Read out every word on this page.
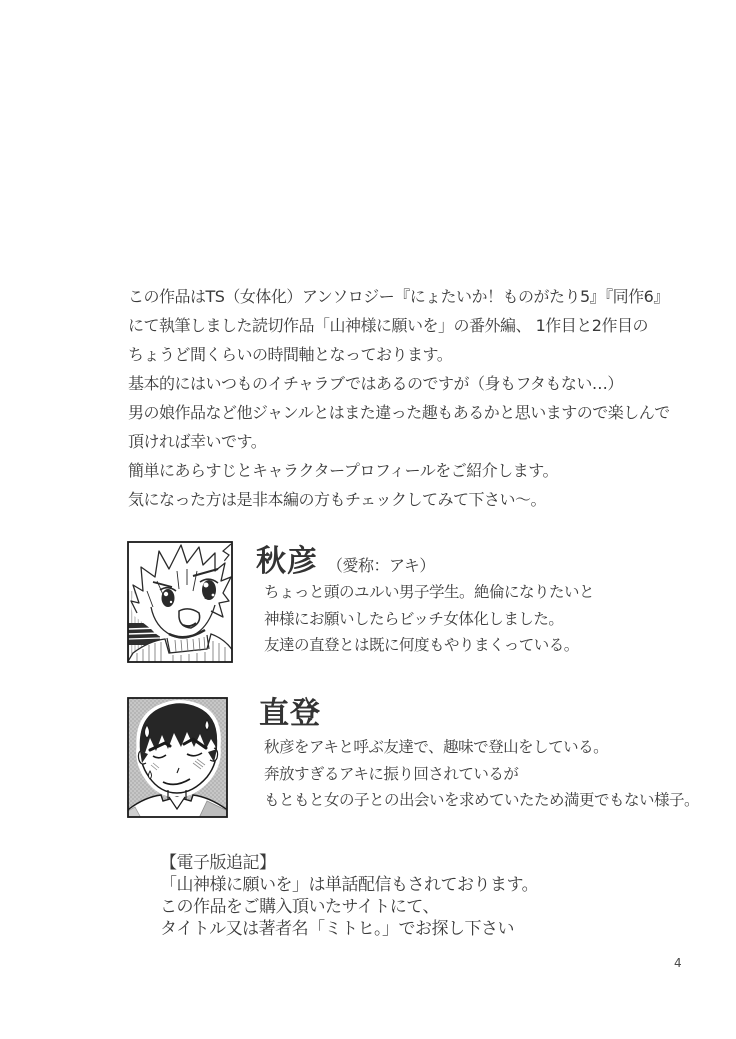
この作品はTS（女体化）アンソロジー『にょたいか！ものがたり5』『同作6』
にて執筆しました読切作品「山神様に願いを」の番外編、 1作目と2作目の
ちょうど間くらいの時間軸となっております。
基本的にはいつものイチャラブではあるのですが（身もフタもない…）
男の娘作品など他ジャンルとはまた違った趣もあるかと思いますので楽しんで
頂ければ幸いです。
簡単にあらすじとキャラクタープロフィールをご紹介します。
気になった方は是非本編の方もチェックしてみて下さい～。
秋彦 （愛称：アキ）
ちょっと頭のユルい男子学生。絶倫になりたいと
神様にお願いしたらビッチ女体化しました。
友達の直登とは既に何度もやりまくっている。
直登
秋彦をアキと呼ぶ友達で、趣味で登山をしている。
奔放すぎるアキに振り回されているが
もともと女の子との出会いを求めていたため満更でもない様子。
【電子版追記】
「山神様に願いを」は単話配信もされております。
この作品をご購入頂いたサイトにて、
タイトル又は著者名「ミトヒ。」でお探し下さい
4
